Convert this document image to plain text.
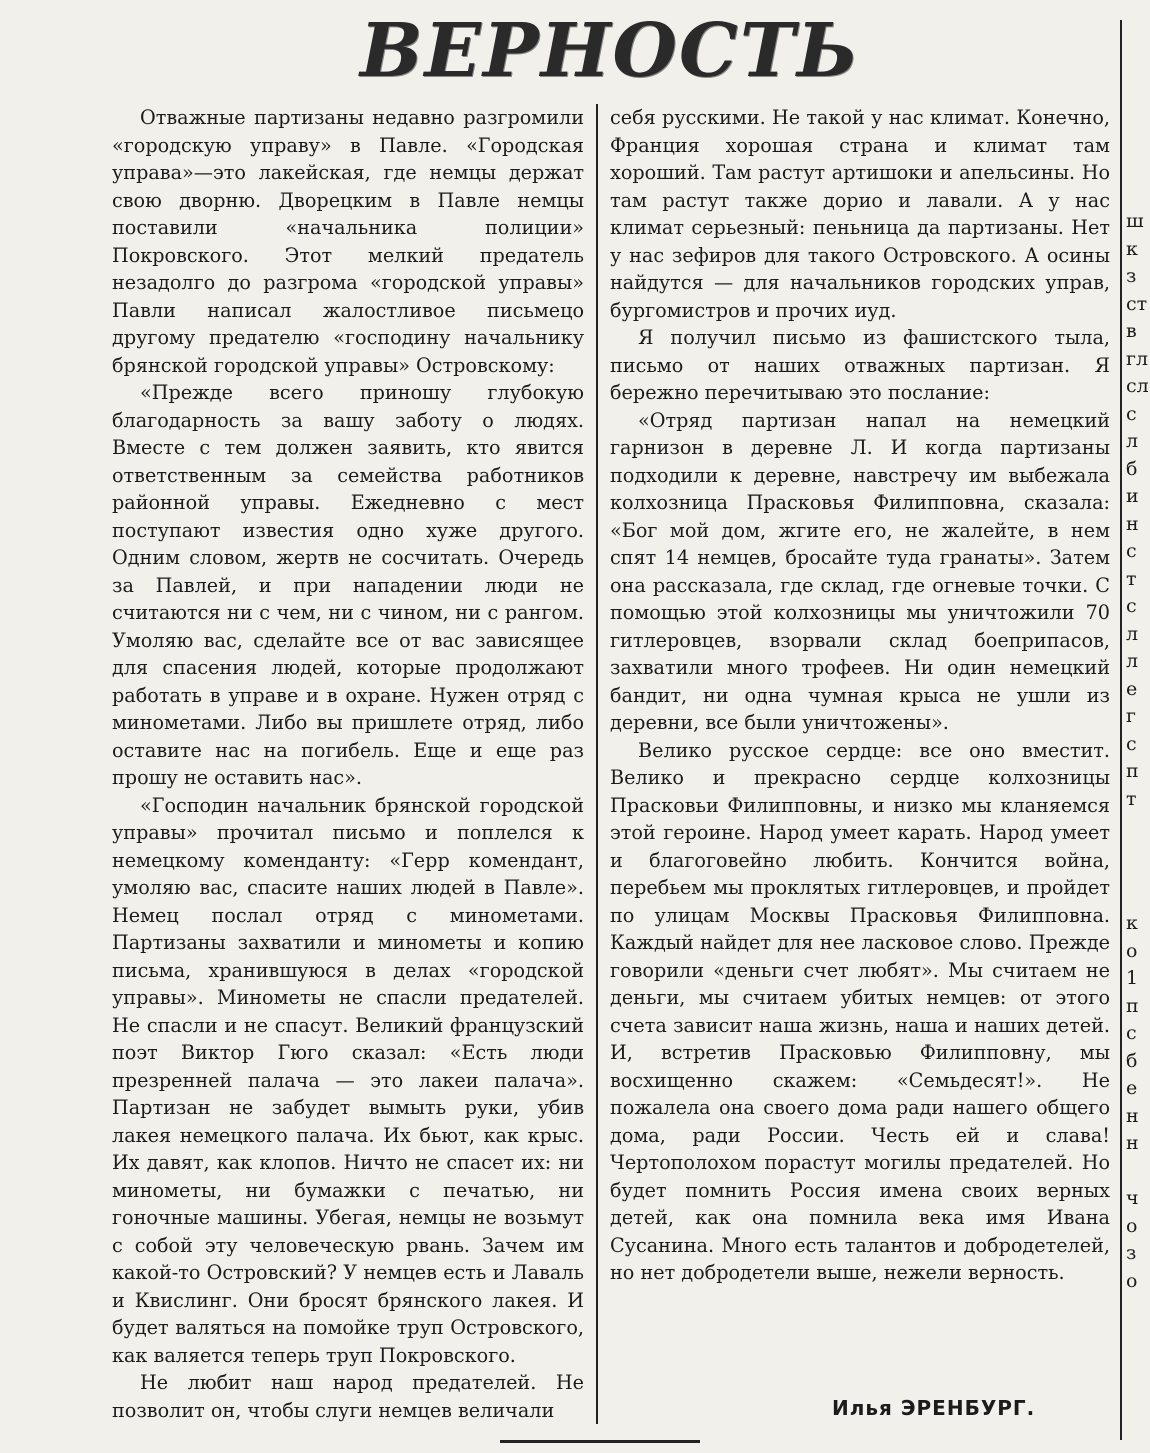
ВЕРНОСТЬ

Отважные партизаны недавно разгромили «городскую управу» в Павле. «Городская управа»—это лакейская, где немцы держат свою дворню. Дворецким в Павле немцы поставили «начальника полиции» Покровского. Этот мелкий предатель незадолго до разгрома «городской управы» Павли написал жалостливое письмецо другому предателю «господину начальнику брянской городской управы» Островскому:

«Прежде всего приношу глубокую благодарность за вашу заботу о людях. Вместе с тем должен заявить, кто явится ответственным за семейства работников районной управы. Ежедневно с мест поступают известия одно хуже другого. Одним словом, жертв не сосчитать. Очередь за Павлей, и при нападении люди не считаются ни с чем, ни с чином, ни с рангом. Умоляю вас, сделайте все от вас зависящее для спасения людей, которые продолжают работать в управе и в охране. Нужен отряд с минометами. Либо вы пришлете отряд, либо оставите нас на погибель. Еще и еще раз прошу не оставить нас».

«Господин начальник брянской городской управы» прочитал письмо и поплелся к немецкому коменданту: «Герр комендант, умоляю вас, спасите наших людей в Павле». Немец послал отряд с минометами. Партизаны захватили и минометы и копию письма, хранившуюся в делах «городской управы». Минометы не спасли предателей. Не спасли и не спасут. Великий французский поэт Виктор Гюго сказал: «Есть люди презренней палача — это лакеи палача». Партизан не забудет вымыть руки, убив лакея немецкого палача. Их бьют, как крыс. Их давят, как клопов. Ничто не спасет их: ни минометы, ни бумажки с печатью, ни гоночные машины. Убегая, немцы не возьмут с собой эту человеческую рвань. Зачем им какой-то Островский? У немцев есть и Лаваль и Квислинг. Они бросят брянского лакея. И будет валяться на помойке труп Островского, как валяется теперь труп Покровского.

Не любит наш народ предателей. Не позволит он, чтобы слуги немцев величали

себя русскими. Не такой у нас климат. Конечно, Франция хорошая страна и климат там хороший. Там растут артишоки и апельсины. Но там растут также дорио и лавали. А у нас климат серьезный: пеньница да партизаны. Нет у нас зефиров для такого Островского. А осины найдутся — для начальников городских управ, бургомистров и прочих иуд.

Я получил письмо из фашистского тыла, письмо от наших отважных партизан. Я бережно перечитываю это послание:

«Отряд партизан напал на немецкий гарнизон в деревне Л. И когда партизаны подходили к деревне, навстречу им выбежала колхозница Прасковья Филипповна, сказала: «Бог мой дом, жгите его, не жалейте, в нем спят 14 немцев, бросайте туда гранаты». Затем она рассказала, где склад, где огневые точки. С помощью этой колхозницы мы уничтожили 70 гитлеровцев, взорвали склад боеприпасов, захватили много трофеев. Ни один немецкий бандит, ни одна чумная крыса не ушли из деревни, все были уничтожены».

Велико русское сердце: все оно вместит. Велико и прекрасно сердце колхозницы Прасковьи Филипповны, и низко мы кланяемся этой героине. Народ умеет карать. Народ умеет и благоговейно любить. Кончится война, перебьем мы проклятых гитлеровцев, и пройдет по улицам Москвы Прасковья Филипповна. Каждый найдет для нее ласковое слово. Прежде говорили «деньги счет любят». Мы считаем не деньги, мы считаем убитых немцев: от этого счета зависит наша жизнь, наша и наших детей. И, встретив Прасковью Филипповну, мы восхищенно скажем: «Семьдесят!». Не пожалела она своего дома ради нашего общего дома, ради России. Честь ей и слава! Чертополохом порастут могилы предателей. Но будет помнить Россия имена своих верных детей, как она помнила века имя Ивана Сусанина. Много есть талантов и добродетелей, но нет добродетели выше, нежели верность.

Илья ЭРЕНБУРГ.
ш
к
з
ст
в
гл
сл
с
л
б
и
н
с
т
с
л
л
е
г
с
п
т
к
о
1
п
с
б
е
н
н
ч
о
з
о
